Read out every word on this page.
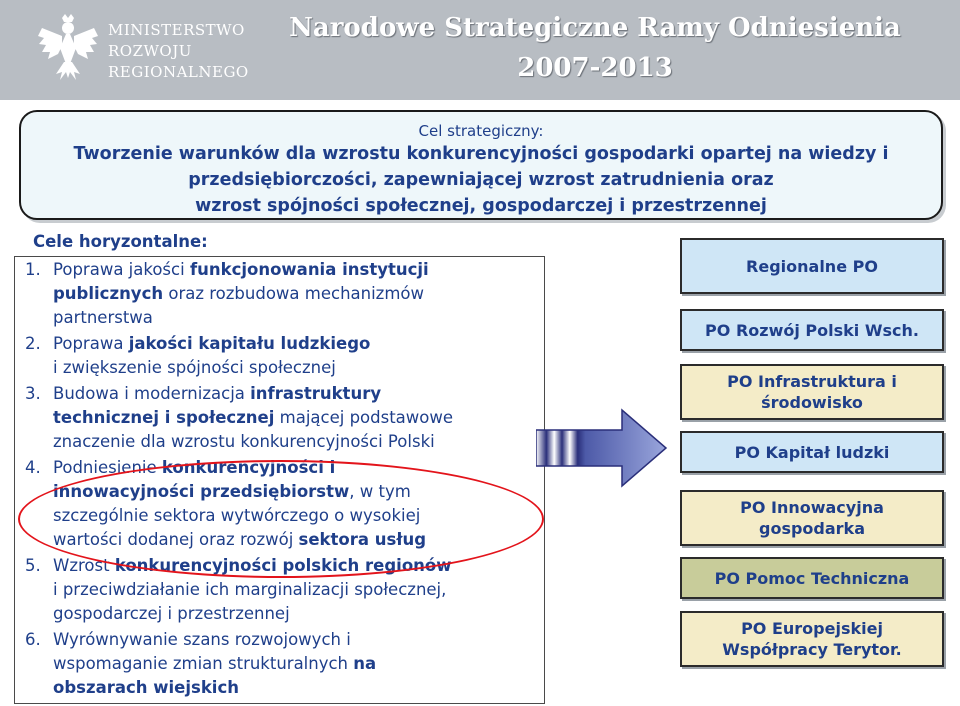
MINISTERSTWO
ROZWOJU
REGIONALNEGO
Narodowe Strategiczne Ramy Odniesienia
2007-2013
Cel strategiczny:
Tworzenie warunków dla wzrostu konkurencyjności gospodarki opartej na wiedzy i
przedsiębiorczości, zapewniającej wzrost zatrudnienia oraz
wzrost spójności społecznej, gospodarczej i przestrzennej
Cele horyzontalne:
1. Poprawa jakości funkcjonowania instytucji
publicznych oraz rozbudowa mechanizmów
partnerstwa
2. Poprawa jakości kapitału ludzkiego
i zwiększenie spójności społecznej
3. Budowa i modernizacja infrastruktury
technicznej i społecznej mającej podstawowe
znaczenie dla wzrostu konkurencyjności Polski
4. Podniesienie konkurencyjności i
innowacyjności przedsiębiorstw, w tym
szczególnie sektora wytwórczego o wysokiej
wartości dodanej oraz rozwój sektora usług
5. Wzrost konkurencyjności polskich regionów
i przeciwdziałanie ich marginalizacji społecznej,
gospodarczej i przestrzennej
6. Wyrównywanie szans rozwojowych i
wspomaganie zmian strukturalnych na
obszarach wiejskich
Regionalne PO
PO Rozwój Polski Wsch.
PO Infrastruktura i
środowisko
PO Kapitał ludzki
PO Innowacyjna
gospodarka
PO Pomoc Techniczna
PO Europejskiej
Współpracy Terytor.
